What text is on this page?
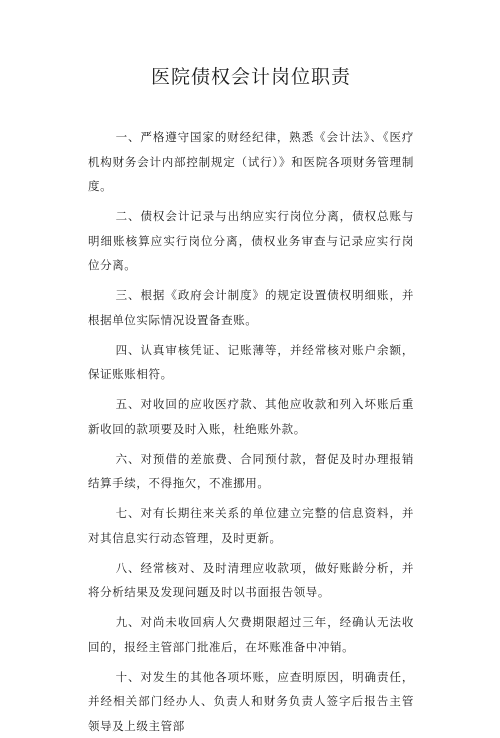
医院债权会计岗位职责

一、严格遵守国家的财经纪律，熟悉《会计法》、《医疗机构财务会计内部控制规定（试行）》和医院各项财务管理制度。

二、债权会计记录与出纳应实行岗位分离，债权总账与明细账核算应实行岗位分离，债权业务审查与记录应实行岗位分离。

三、根据《政府会计制度》的规定设置债权明细账，并根据单位实际情况设置备查账。

四、认真审核凭证、记账薄等，并经常核对账户余额，保证账账相符。

五、对收回的应收医疗款、其他应收款和列入坏账后重新收回的款项要及时入账，杜绝账外款。

六、对预借的差旅费、合同预付款，督促及时办理报销结算手续，不得拖欠，不准挪用。

七、对有长期往来关系的单位建立完整的信息资料，并对其信息实行动态管理，及时更新。

八、经常核对、及时清理应收款项，做好账龄分析，并将分析结果及发现问题及时以书面报告领导。

九、对尚未收回病人欠费期限超过三年，经确认无法收回的，报经主管部门批准后，在坏账准备中冲销。

十、对发生的其他各项坏账，应查明原因，明确责任，并经相关部门经办人、负责人和财务负责人签字后报告主管领导及上级主管部
